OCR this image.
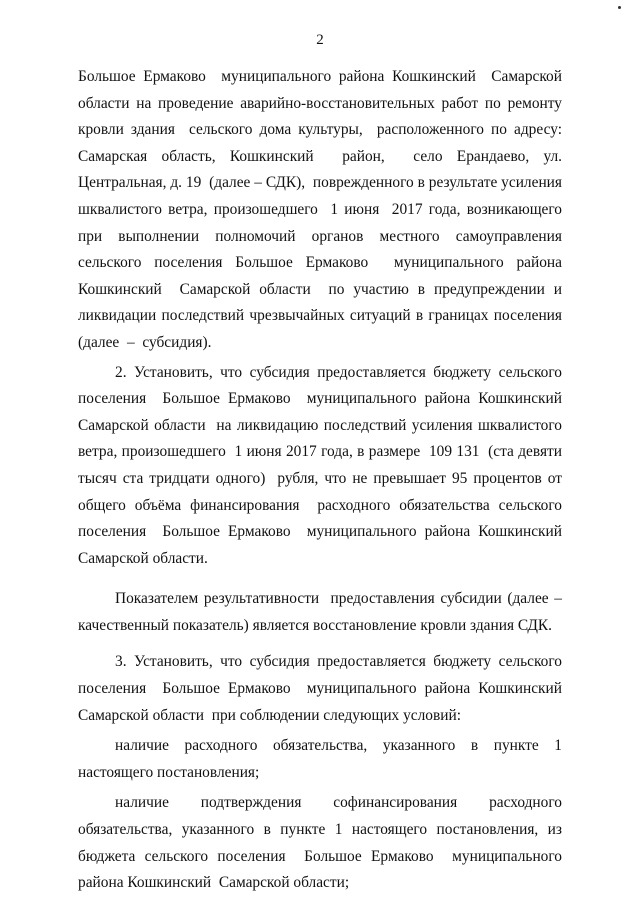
2

Большое Ермаково  муниципального района Кошкинский  Самарской области на проведение аварийно-восстановительных работ по ремонту кровли здания  сельского дома культуры,  расположенного по адресу: Самарская область, Кошкинский  район,  село Ерандаево, ул. Центральная, д. 19  (далее – СДК),  поврежденного в результате усиления шквалистого ветра, произошедшего  1 июня  2017 года, возникающего при выполнении полномочий органов местного самоуправления сельского поселения Большое Ермаково  муниципального района Кошкинский  Самарской области  по участию в предупреждении и ликвидации последствий чрезвычайных ситуаций в границах поселения (далее  –  субсидия).

2. Установить, что субсидия предоставляется бюджету сельского поселения  Большое Ермаково  муниципального района Кошкинский Самарской области  на ликвидацию последствий усиления шквалистого ветра, произошедшего  1 июня 2017 года, в размере  109 131  (ста девяти тысяч ста тридцати одного)  рубля, что не превышает 95 процентов от общего объёма финансирования  расходного обязательства сельского поселения  Большое Ермаково  муниципального района Кошкинский Самарской области.

Показателем результативности  предоставления субсидии (далее – качественный показатель) является восстановление кровли здания СДК.

3. Установить, что субсидия предоставляется бюджету сельского поселения  Большое Ермаково  муниципального района Кошкинский Самарской области  при соблюдении следующих условий:

наличие  расходного  обязательства,  указанного  в  пункте  1 настоящего постановления;

наличие  подтверждения  софинансирования  расходного обязательства, указанного в пункте 1 настоящего постановления, из бюджета сельского поселения  Большое Ермаково  муниципального района Кошкинский  Самарской области;
